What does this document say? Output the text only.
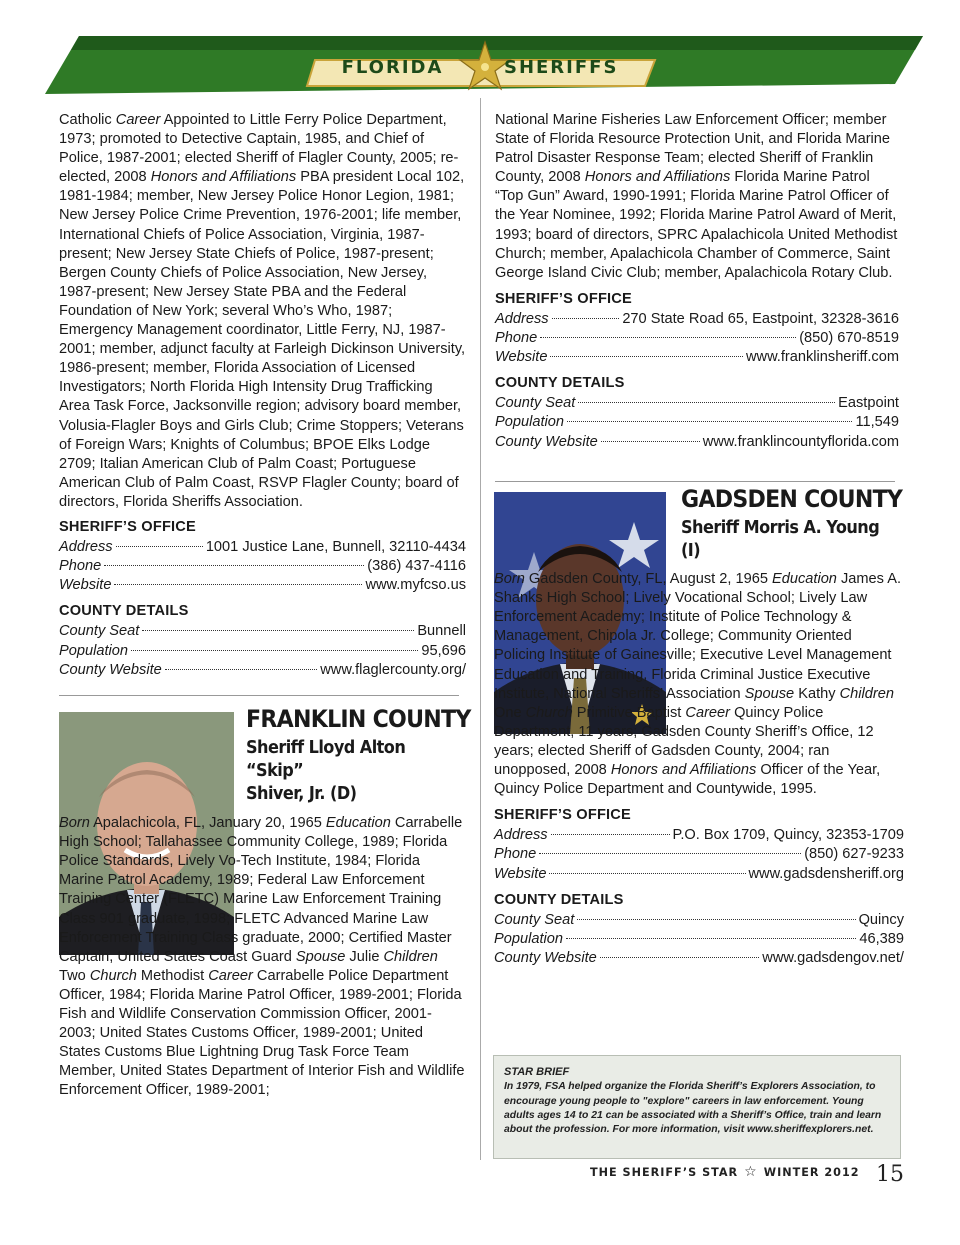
FLORIDA	SHERIFFS

Catholic Career Appointed to Little Ferry Police Department, 1973; promoted to Detective Captain, 1985, and Chief of Police, 1987-2001; elected Sheriff of Flagler County, 2005; re-elected, 2008 Honors and Affiliations PBA president Local 102, 1981-1984; member, New Jersey Police Honor Legion, 1981; New Jersey Police Crime Prevention, 1976-2001; life member, International Chiefs of Police Association, Virginia, 1987-present; New Jersey State Chiefs of Police, 1987-present; Bergen County Chiefs of Police Association, New Jersey, 1987-present; New Jersey State PBA and the Federal Foundation of New York; several Who’s Who, 1987; Emergency Management coordinator, Little Ferry, NJ, 1987-2001; member, adjunct faculty at Farleigh Dickinson University, 1986-present; member, Florida Association of Licensed Investigators; North Florida High Intensity Drug Trafficking Area Task Force, Jacksonville region; advisory board member, Volusia-Flagler Boys and Girls Club; Crime Stoppers; Veterans of Foreign Wars; Knights of Columbus; BPOE Elks Lodge 2709; Italian American Club of Palm Coast; Portuguese American Club of Palm Coast, RSVP Flagler County; board of directors, Florida Sheriffs Association.

SHERIFF’S OFFICE
Address	1001 Justice Lane, Bunnell, 32110-4434
Phone	(386) 437-4116
Website	www.myfcso.us
COUNTY DETAILS
County Seat	Bunnell
Population	95,696
County Website	www.flaglercounty.org/
FRANKLIN COUNTY
Sheriff Lloyd Alton “Skip”
Shiver, Jr. (D)

Born Apalachicola, FL, January 20, 1965 Education Carrabelle High School; Tallahassee Community College, 1989; Florida Police Standards, Lively Vo-Tech Institute, 1984; Florida Marine Patrol Academy, 1989; Federal Law Enforcement Training Center (FLETC) Marine Law Enforcement Training Class 901 graduate, 1998; FLETC Advanced Marine Law Enforcement Training Class graduate, 2000; Certified Master Captain, United States Coast Guard Spouse Julie Children Two Church Methodist Career Carrabelle Police Department Officer, 1984; Florida Marine Patrol Officer, 1989-2001; Florida Fish and Wildlife Conservation Commission Officer, 2001-2003; United States Customs Officer, 1989-2001; United States Customs Blue Lightning Drug Task Force Team Member, United States Department of Interior Fish and Wildlife Enforcement Officer, 1989-2001;

National Marine Fisheries Law Enforcement Officer; member State of Florida Resource Protection Unit, and Florida Marine Patrol Disaster Response Team; elected Sheriff of Franklin County, 2008 Honors and Affiliations Florida Marine Patrol “Top Gun” Award, 1990-1991; Florida Marine Patrol Officer of the Year Nominee, 1992; Florida Marine Patrol Award of Merit, 1993; board of directors, SPRC Apalachicola United Methodist Church; member, Apalachicola Chamber of Commerce, Saint George Island Civic Club; member, Apalachicola Rotary Club.

SHERIFF’S OFFICE
Address	270 State Road 65, Eastpoint, 32328-3616
Phone	(850) 670-8519
Website	www.franklinsheriff.com
COUNTY DETAILS
County Seat	Eastpoint
Population	11,549
County Website	www.franklincountyflorida.com
GADSDEN COUNTY
Sheriff Morris A. Young (I)

Born Gadsden County, FL, August 2, 1965 Education James A. Shanks High School; Lively Vocational School; Lively Law Enforcement Academy; Institute of Police Technology & Management, Chipola Jr. College; Community Oriented Policing Institute of Gainesville; Executive Level Management Education and Training, Florida Criminal Justice Executive Institute, National Sheriffs’ Association Spouse Kathy Children One Church Primitive Baptist Career Quincy Police Department, 11 years; Gadsden County Sheriff’s Office, 12 years; elected Sheriff of Gadsden County, 2004; ran unopposed, 2008 Honors and Affiliations Officer of the Year, Quincy Police Department and Countywide, 1995.

SHERIFF’S OFFICE
Address	P.O. Box 1709, Quincy, 32353-1709
Phone	(850) 627-9233
Website	www.gadsdensheriff.org
COUNTY DETAILS
County Seat	Quincy
Population	46,389
County Website	www.gadsdengov.net/
STAR BRIEF
In 1979, FSA helped organize the Florida Sheriff’s Explorers Association, to encourage young people to "explore" careers in law enforcement. Young adults ages 14 to 21 can be associated with a Sheriff’s Office, train and learn about the profession. For more information, visit www.sheriffexplorers.net.
THE SHERIFF’S STAR ☆ WINTER 2012 15
